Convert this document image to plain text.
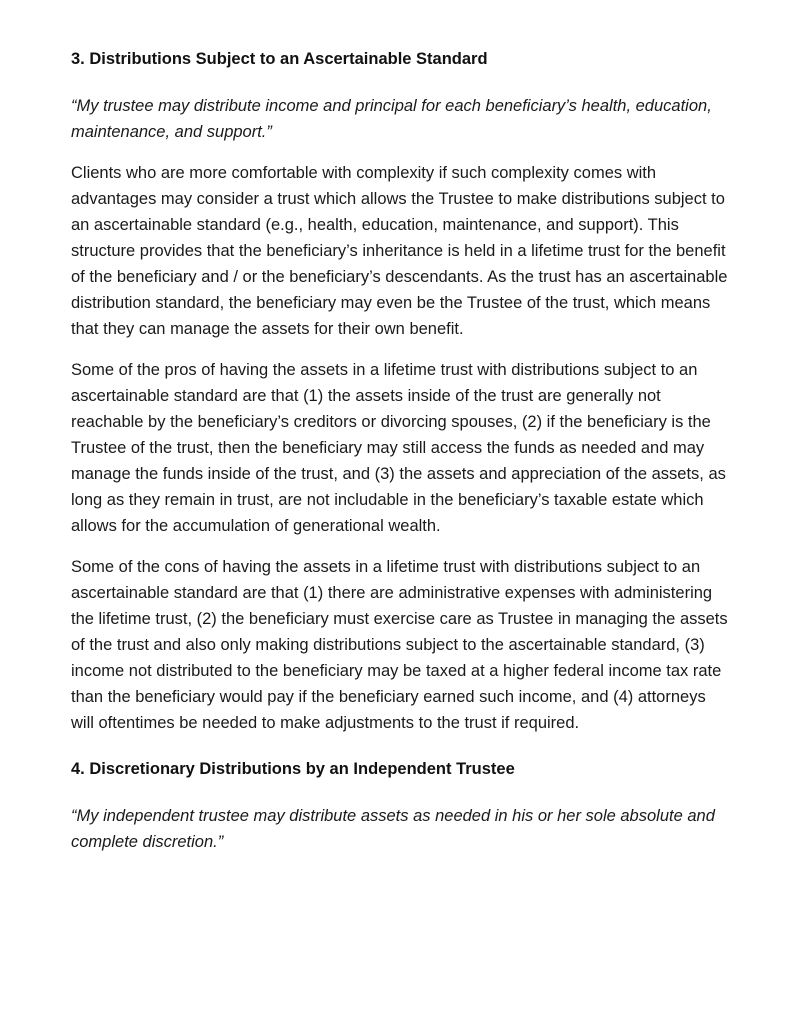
3. Distributions Subject to an Ascertainable Standard

“My trustee may distribute income and principal for each beneficiary’s health, education, maintenance, and support.”

Clients who are more comfortable with complexity if such complexity comes with advantages may consider a trust which allows the Trustee to make distributions subject to an ascertainable standard (e.g., health, education, maintenance, and support). This structure provides that the beneficiary’s inheritance is held in a lifetime trust for the benefit of the beneficiary and / or the beneficiary’s descendants. As the trust has an ascertainable distribution standard, the beneficiary may even be the Trustee of the trust, which means that they can manage the assets for their own benefit.

Some of the pros of having the assets in a lifetime trust with distributions subject to an ascertainable standard are that (1) the assets inside of the trust are generally not reachable by the beneficiary’s creditors or divorcing spouses, (2) if the beneficiary is the Trustee of the trust, then the beneficiary may still access the funds as needed and may manage the funds inside of the trust, and (3) the assets and appreciation of the assets, as long as they remain in trust, are not includable in the beneficiary’s taxable estate which allows for the accumulation of generational wealth.

Some of the cons of having the assets in a lifetime trust with distributions subject to an ascertainable standard are that (1) there are administrative expenses with administering the lifetime trust, (2) the beneficiary must exercise care as Trustee in managing the assets of the trust and also only making distributions subject to the ascertainable standard, (3) income not distributed to the beneficiary may be taxed at a higher federal income tax rate than the beneficiary would pay if the beneficiary earned such income, and (4) attorneys will oftentimes be needed to make adjustments to the trust if required.

4. Discretionary Distributions by an Independent Trustee

“My independent trustee may distribute assets as needed in his or her sole absolute and complete discretion.”
